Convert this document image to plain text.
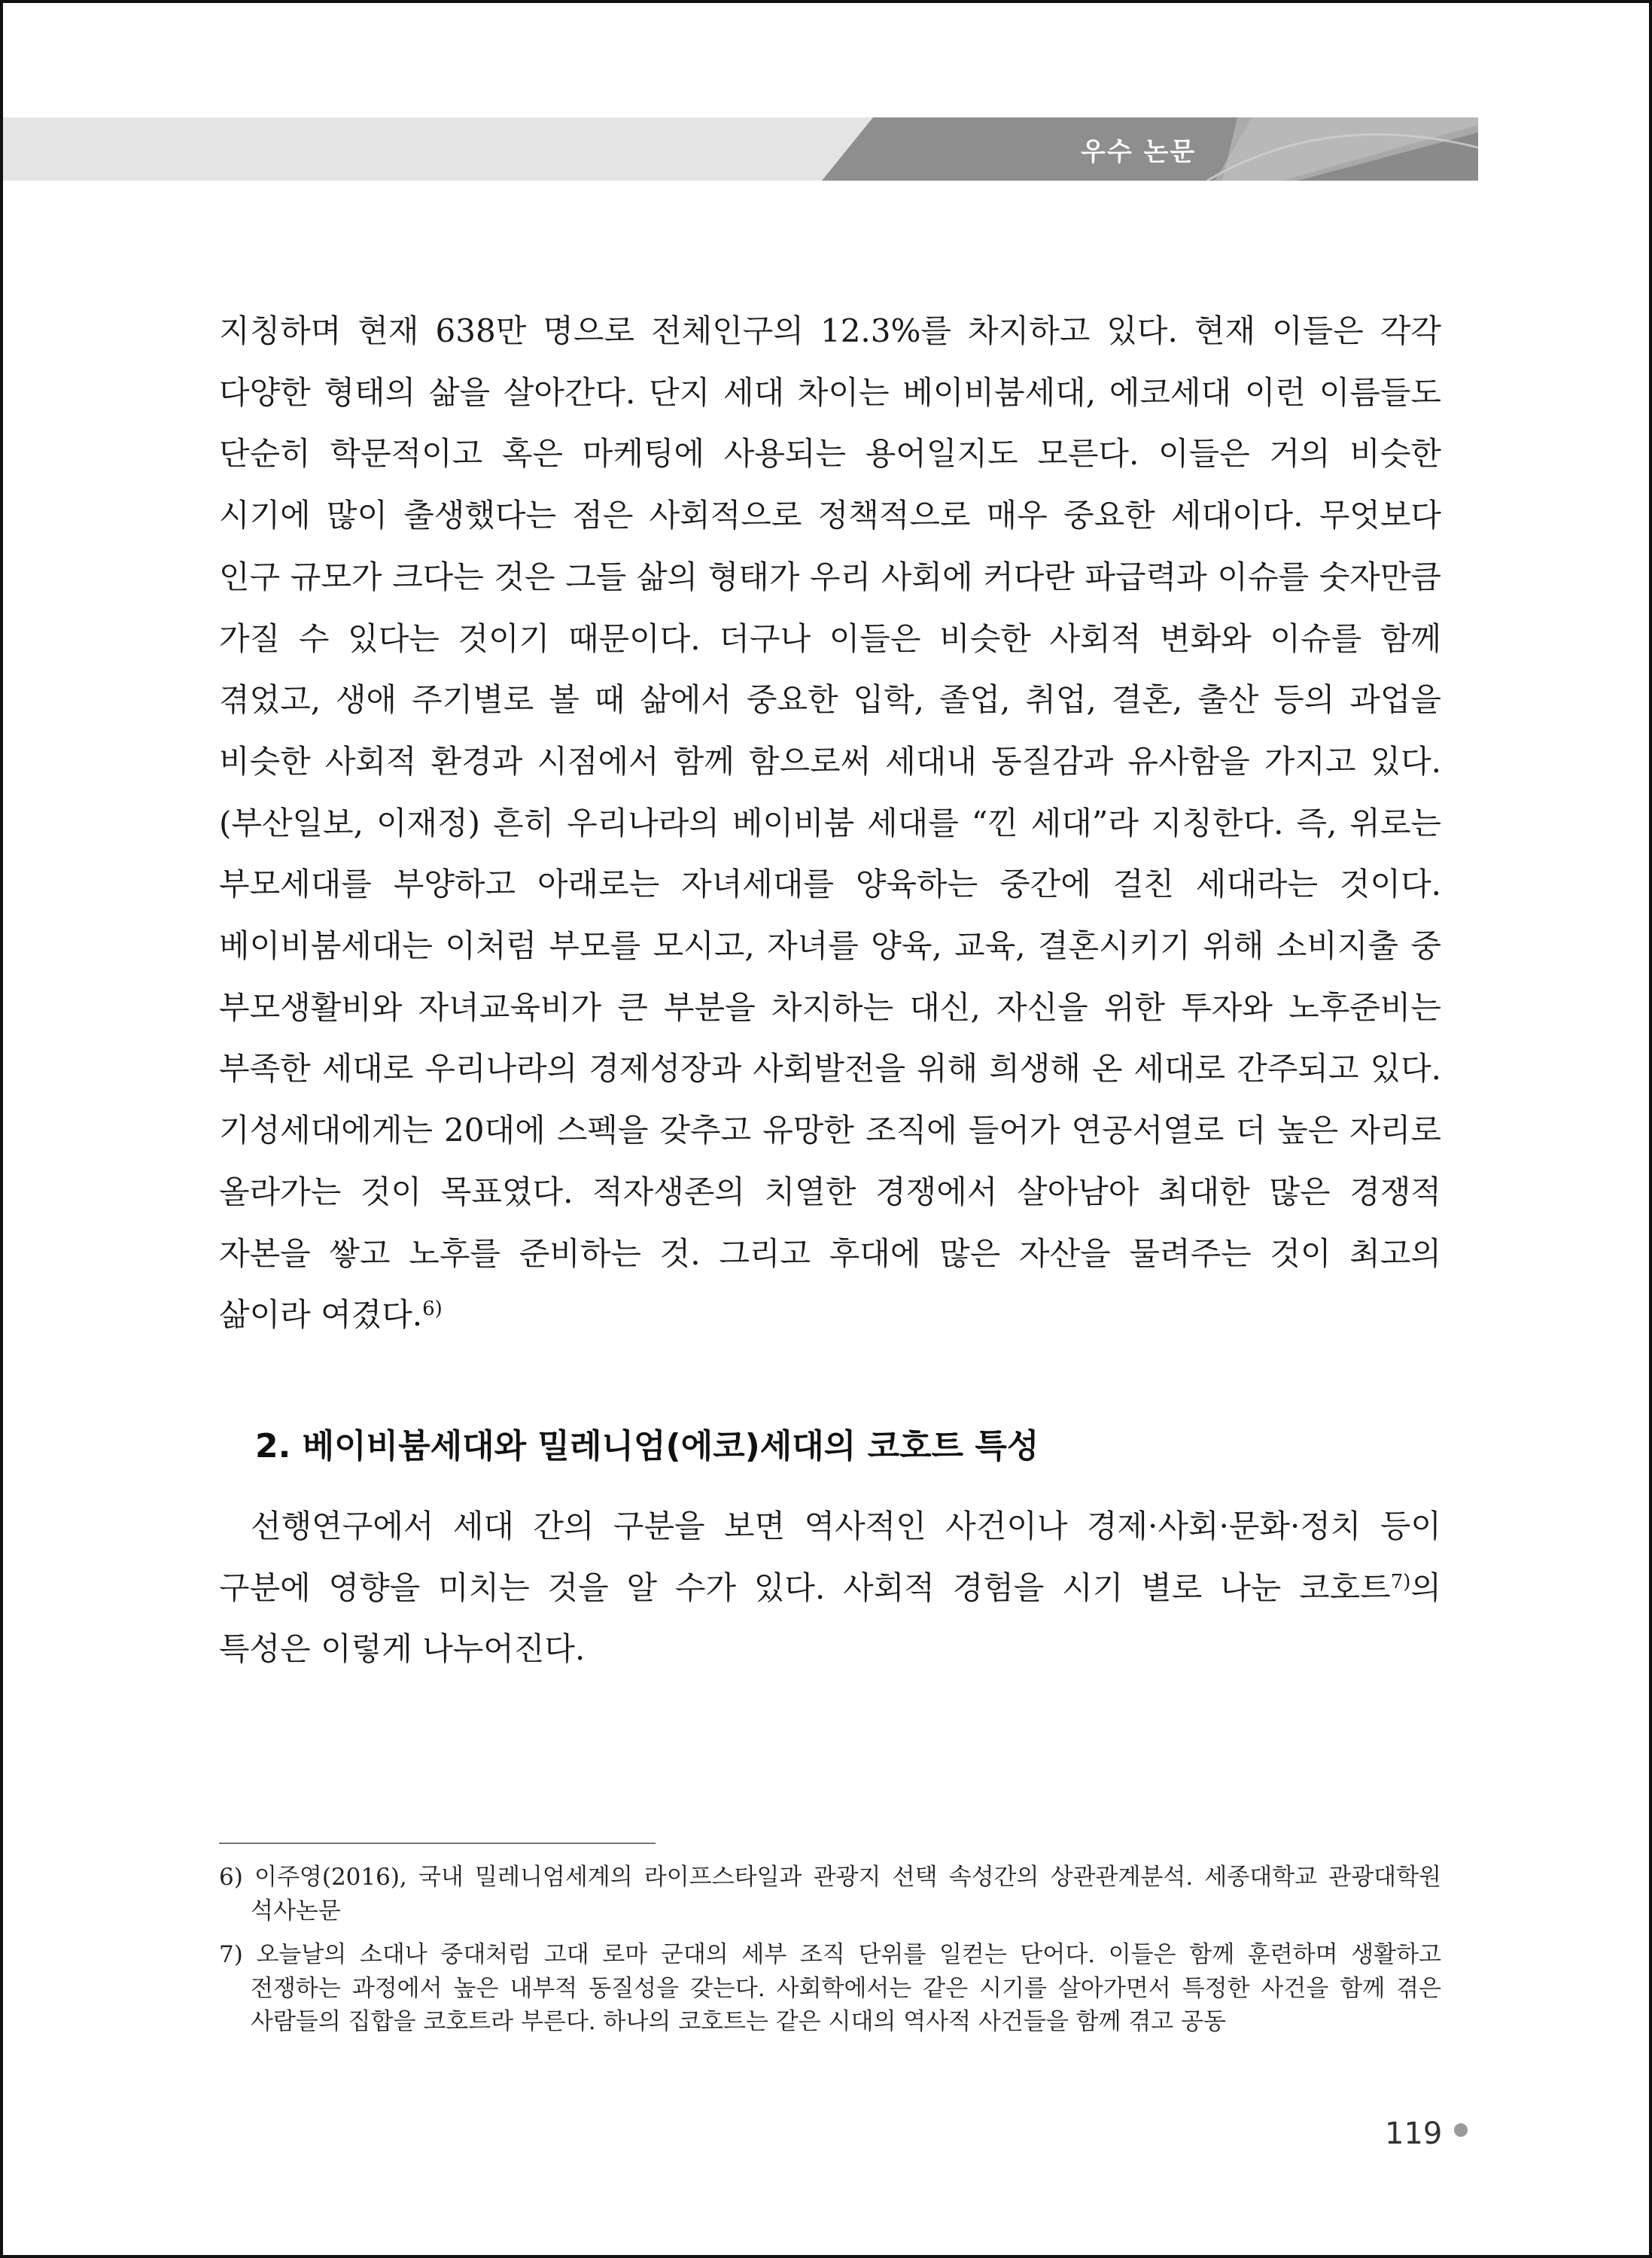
우수 논문

지칭하며 현재 638만 명으로 전체인구의 12.3%를 차지하고 있다. 현재 이들은 각각 다양한 형태의 삶을 살아간다. 단지 세대 차이는 베이비붐세대, 에코세대 이런 이름들도 단순히 학문적이고 혹은 마케팅에 사용되는 용어일지도 모른다. 이들은 거의 비슷한 시기에 많이 출생했다는 점은 사회적으로 정책적으로 매우 중요한 세대이다. 무엇보다 인구 규모가 크다는 것은 그들 삶의 형태가 우리 사회에 커다란 파급력과 이슈를 숫자만큼 가질 수 있다는 것이기 때문이다. 더구나 이들은 비슷한 사회적 변화와 이슈를 함께 겪었고, 생애 주기별로 볼 때 삶에서 중요한 입학, 졸업, 취업, 결혼, 출산 등의 과업을 비슷한 사회적 환경과 시점에서 함께 함으로써 세대내 동질감과 유사함을 가지고 있다.(부산일보, 이재정) 흔히 우리나라의 베이비붐 세대를 “낀 세대”라 지칭한다. 즉, 위로는 부모세대를 부양하고 아래로는 자녀세대를 양육하는 중간에 걸친 세대라는 것이다. 베이비붐세대는 이처럼 부모를 모시고, 자녀를 양육, 교육, 결혼시키기 위해 소비지출 중 부모생활비와 자녀교육비가 큰 부분을 차지하는 대신, 자신을 위한 투자와 노후준비는 부족한 세대로 우리나라의 경제성장과 사회발전을 위해 희생해 온 세대로 간주되고 있다. 기성세대에게는 20대에 스펙을 갖추고 유망한 조직에 들어가 연공서열로 더 높은 자리로 올라가는 것이 목표였다. 적자생존의 치열한 경쟁에서 살아남아 최대한 많은 경쟁적 자본을 쌓고 노후를 준비하는 것. 그리고 후대에 많은 자산을 물려주는 것이 최고의 삶이라 여겼다.$^{6)}$

2. 베이비붐세대와 밀레니엄(에코)세대의 코호트 특성

선행연구에서 세대 간의 구분을 보면 역사적인 사건이나 경제·사회·문화·정치 등이 구분에 영향을 미치는 것을 알 수가 있다. 사회적 경험을 시기 별로 나눈 코호트$^{7)}$의 특성은 이렇게 나누어진다.

6) 이주영(2016), 국내 밀레니엄세계의 라이프스타일과 관광지 선택 속성간의 상관관계분석. 세종대학교 관광대학원 석사논문

7) 오늘날의 소대나 중대처럼 고대 로마 군대의 세부 조직 단위를 일컫는 단어다. 이들은 함께 훈련하며 생활하고 전쟁하는 과정에서 높은 내부적 동질성을 갖는다. 사회학에서는 같은 시기를 살아가면서 특정한 사건을 함께 겪은 사람들의 집합을 코호트라 부른다. 하나의 코호트는 같은 시대의 역사적 사건들을 함께 겪고 공동

119
